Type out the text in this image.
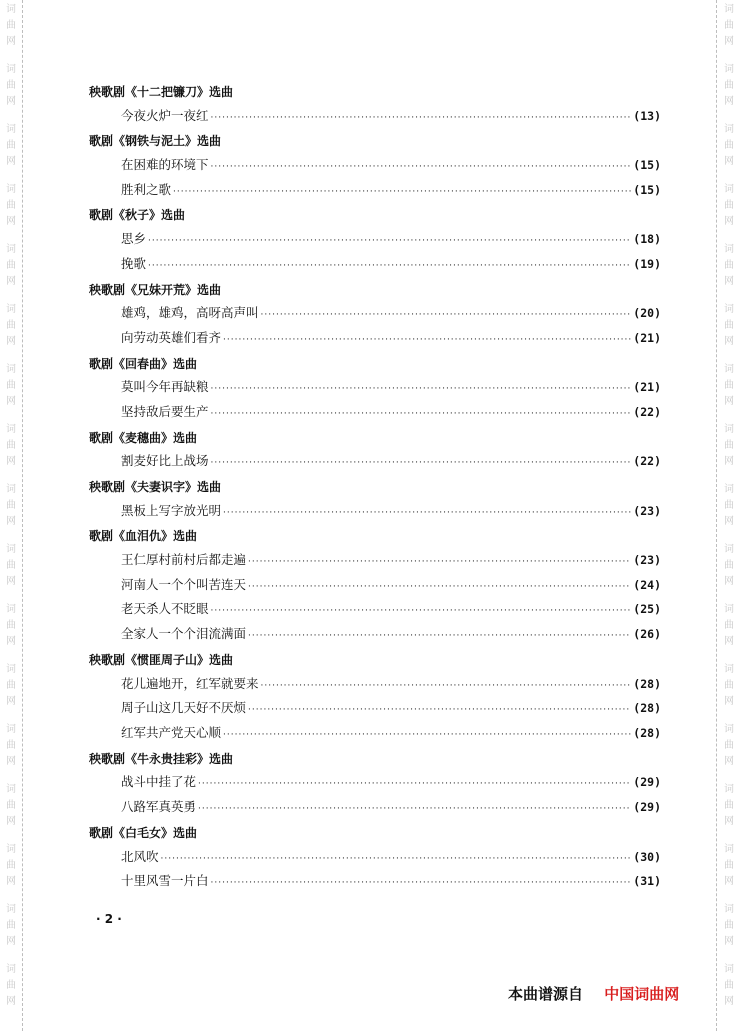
词
曲
网
词
曲
网
词
曲
网
词
曲
网
词
曲
网
词
曲
网
词
曲
网
词
曲
网
词
曲
网
词
曲
网
词
曲
网
词
曲
网
词
曲
网
词
曲
网
词
曲
网
词
曲
网
词
曲
网
词
曲
网
词
曲
网
词
曲
网
词
曲
网
词
曲
网
词
曲
网
词
曲
网
词
曲
网
词
曲
网
词
曲
网
词
曲
网
词
曲
网
词
曲
网
词
曲
网
词
曲
网
词
曲
网
词
曲
网
秧歌剧《十二把镰刀》选曲
今夜火炉一夜红 ·····	(13)
歌剧《钢铁与泥土》选曲
在困难的环境下 ·····	(15)
胜利之歌 ·····	(15)
歌剧《秋子》选曲
思乡 ·····	(18)
挽歌 ·····	(19)
秧歌剧《兄妹开荒》选曲
雄鸡，雄鸡，高呀高声叫 ·····	(20)
向劳动英雄们看齐 ·····	(21)
歌剧《回春曲》选曲
莫叫今年再缺粮 ·····	(21)
坚持敌后要生产 ·····	(22)
歌剧《麦穗曲》选曲
割麦好比上战场 ·····	(22)
秧歌剧《夫妻识字》选曲
黑板上写字放光明 ·····	(23)
歌剧《血泪仇》选曲
王仁厚村前村后都走遍 ·····	(23)
河南人一个个叫苦连天 ·····	(24)
老天杀人不眨眼 ·····	(25)
全家人一个个泪流满面 ·····	(26)
秧歌剧《惯匪周子山》选曲
花儿遍地开，红军就要来 ·····	(28)
周子山这几天好不厌烦 ·····	(28)
红军共产党天心顺 ·····	(28)
秧歌剧《牛永贵挂彩》选曲
战斗中挂了花 ·····	(29)
八路军真英勇 ·····	(29)
歌剧《白毛女》选曲
北风吹 ·····	(30)
十里风雪一片白 ·····	(31)
· 2 ·
本曲谱源自 中国词曲网
